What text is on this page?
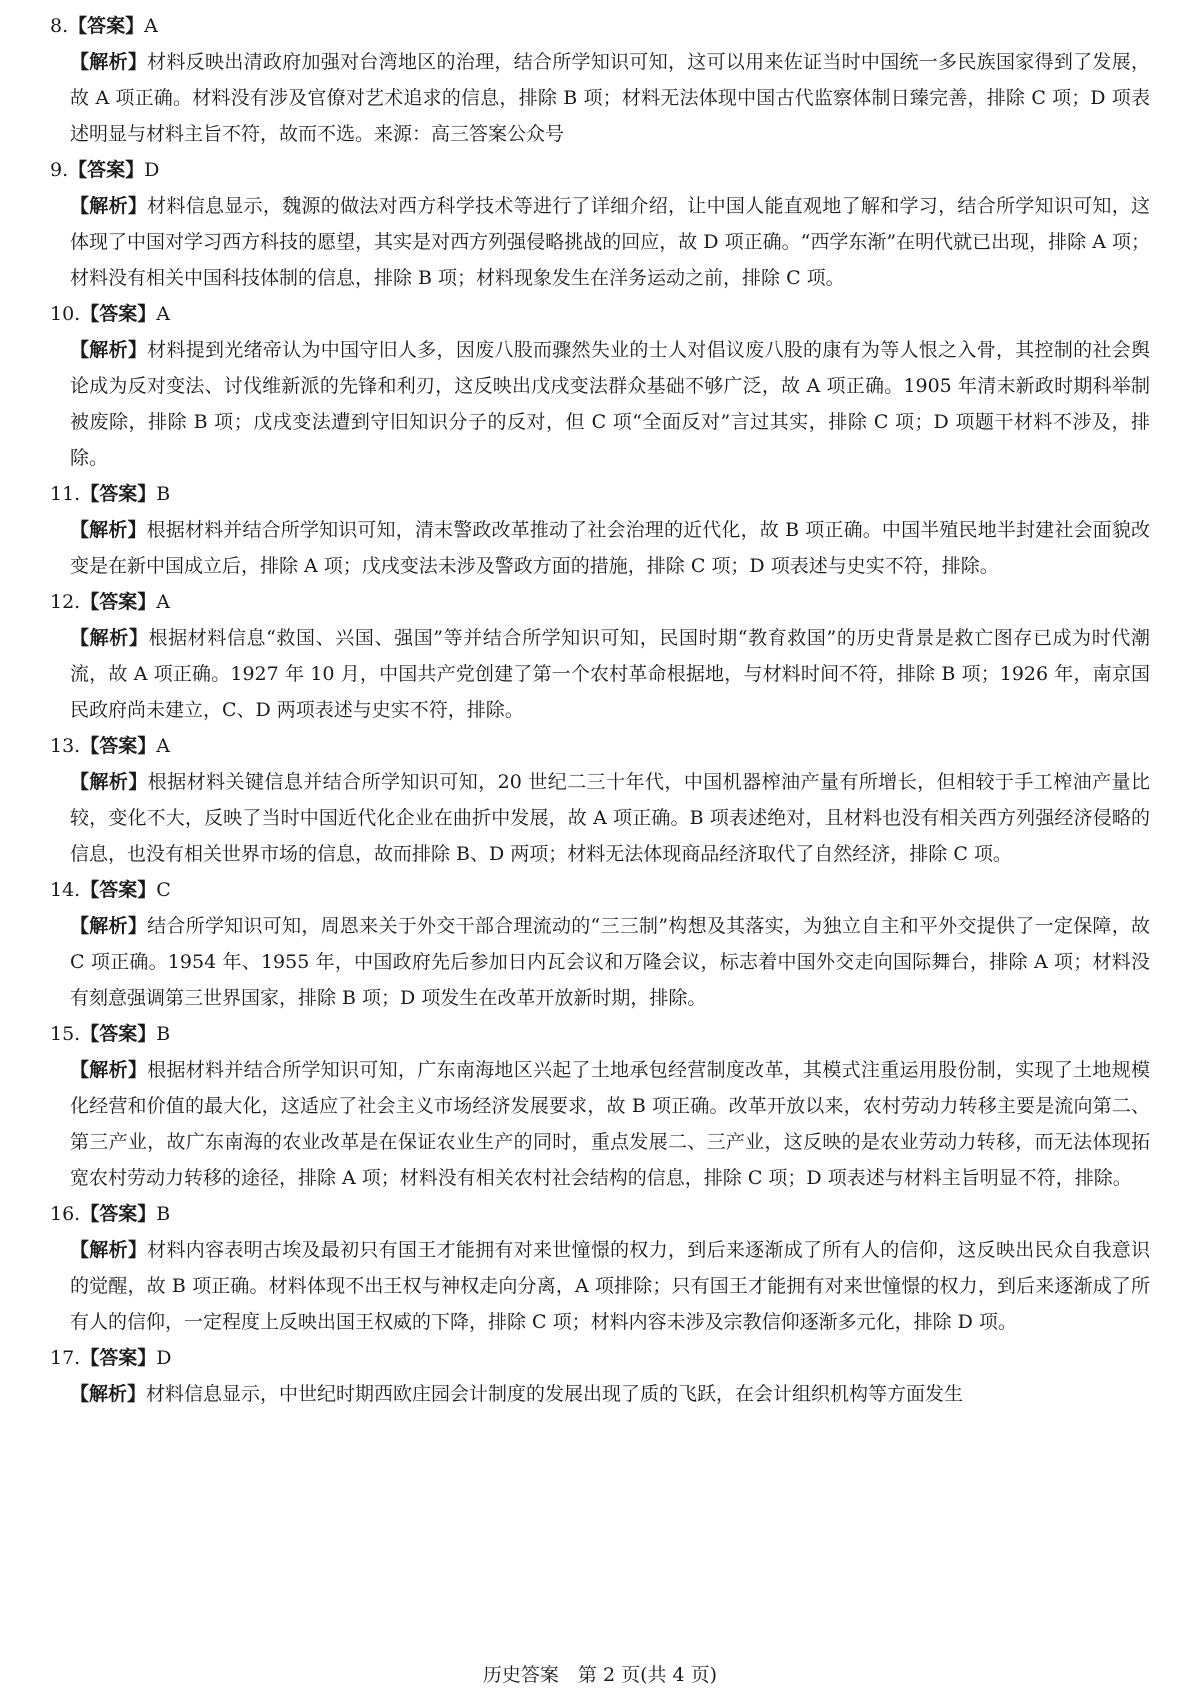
8.【答案】A
【解析】材料反映出清政府加强对台湾地区的治理，结合所学知识可知，这可以用来佐证当时中国统一多民族国家得到了发展，故 A 项正确。材料没有涉及官僚对艺术追求的信息，排除 B 项；材料无法体现中国古代监察体制日臻完善，排除 C 项；D 项表述明显与材料主旨不符，故而不选。来源：高三答案公众号
9.【答案】D
【解析】材料信息显示，魏源的做法对西方科学技术等进行了详细介绍，让中国人能直观地了解和学习，结合所学知识可知，这体现了中国对学习西方科技的愿望，其实是对西方列强侵略挑战的回应，故 D 项正确。“西学东渐”在明代就已出现，排除 A 项；材料没有相关中国科技体制的信息，排除 B 项；材料现象发生在洋务运动之前，排除 C 项。
10.【答案】A
【解析】材料提到光绪帝认为中国守旧人多，因废八股而骤然失业的士人对倡议废八股的康有为等人恨之入骨，其控制的社会舆论成为反对变法、讨伐维新派的先锋和利刃，这反映出戊戌变法群众基础不够广泛，故 A 项正确。1905 年清末新政时期科举制被废除，排除 B 项；戊戌变法遭到守旧知识分子的反对，但 C 项“全面反对”言过其实，排除 C 项；D 项题干材料不涉及，排除。
11.【答案】B
【解析】根据材料并结合所学知识可知，清末警政改革推动了社会治理的近代化，故 B 项正确。中国半殖民地半封建社会面貌改变是在新中国成立后，排除 A 项；戊戌变法未涉及警政方面的措施，排除 C 项；D 项表述与史实不符，排除。
12.【答案】A
【解析】根据材料信息“救国、兴国、强国”等并结合所学知识可知，民国时期“教育救国”的历史背景是救亡图存已成为时代潮流，故 A 项正确。1927 年 10 月，中国共产党创建了第一个农村革命根据地，与材料时间不符，排除 B 项；1926 年，南京国民政府尚未建立，C、D 两项表述与史实不符，排除。
13.【答案】A
【解析】根据材料关键信息并结合所学知识可知，20 世纪二三十年代，中国机器榨油产量有所增长，但相较于手工榨油产量比较，变化不大，反映了当时中国近代化企业在曲折中发展，故 A 项正确。B 项表述绝对，且材料也没有相关西方列强经济侵略的信息，也没有相关世界市场的信息，故而排除 B、D 两项；材料无法体现商品经济取代了自然经济，排除 C 项。
14.【答案】C
【解析】结合所学知识可知，周恩来关于外交干部合理流动的“三三制”构想及其落实，为独立自主和平外交提供了一定保障，故 C 项正确。1954 年、1955 年，中国政府先后参加日内瓦会议和万隆会议，标志着中国外交走向国际舞台，排除 A 项；材料没有刻意强调第三世界国家，排除 B 项；D 项发生在改革开放新时期，排除。
15.【答案】B
【解析】根据材料并结合所学知识可知，广东南海地区兴起了土地承包经营制度改革，其模式注重运用股份制，实现了土地规模化经营和价值的最大化，这适应了社会主义市场经济发展要求，故 B 项正确。改革开放以来，农村劳动力转移主要是流向第二、第三产业，故广东南海的农业改革是在保证农业生产的同时，重点发展二、三产业，这反映的是农业劳动力转移，而无法体现拓宽农村劳动力转移的途径，排除 A 项；材料没有相关农村社会结构的信息，排除 C 项；D 项表述与材料主旨明显不符，排除。
16.【答案】B
【解析】材料内容表明古埃及最初只有国王才能拥有对来世憧憬的权力，到后来逐渐成了所有人的信仰，这反映出民众自我意识的觉醒，故 B 项正确。材料体现不出王权与神权走向分离，A 项排除；只有国王才能拥有对来世憧憬的权力，到后来逐渐成了所有人的信仰，一定程度上反映出国王权威的下降，排除 C 项；材料内容未涉及宗教信仰逐渐多元化，排除 D 项。
17.【答案】D
【解析】材料信息显示，中世纪时期西欧庄园会计制度的发展出现了质的飞跃，在会计组织机构等方面发生
历史答案　第 2 页(共 4 页)
